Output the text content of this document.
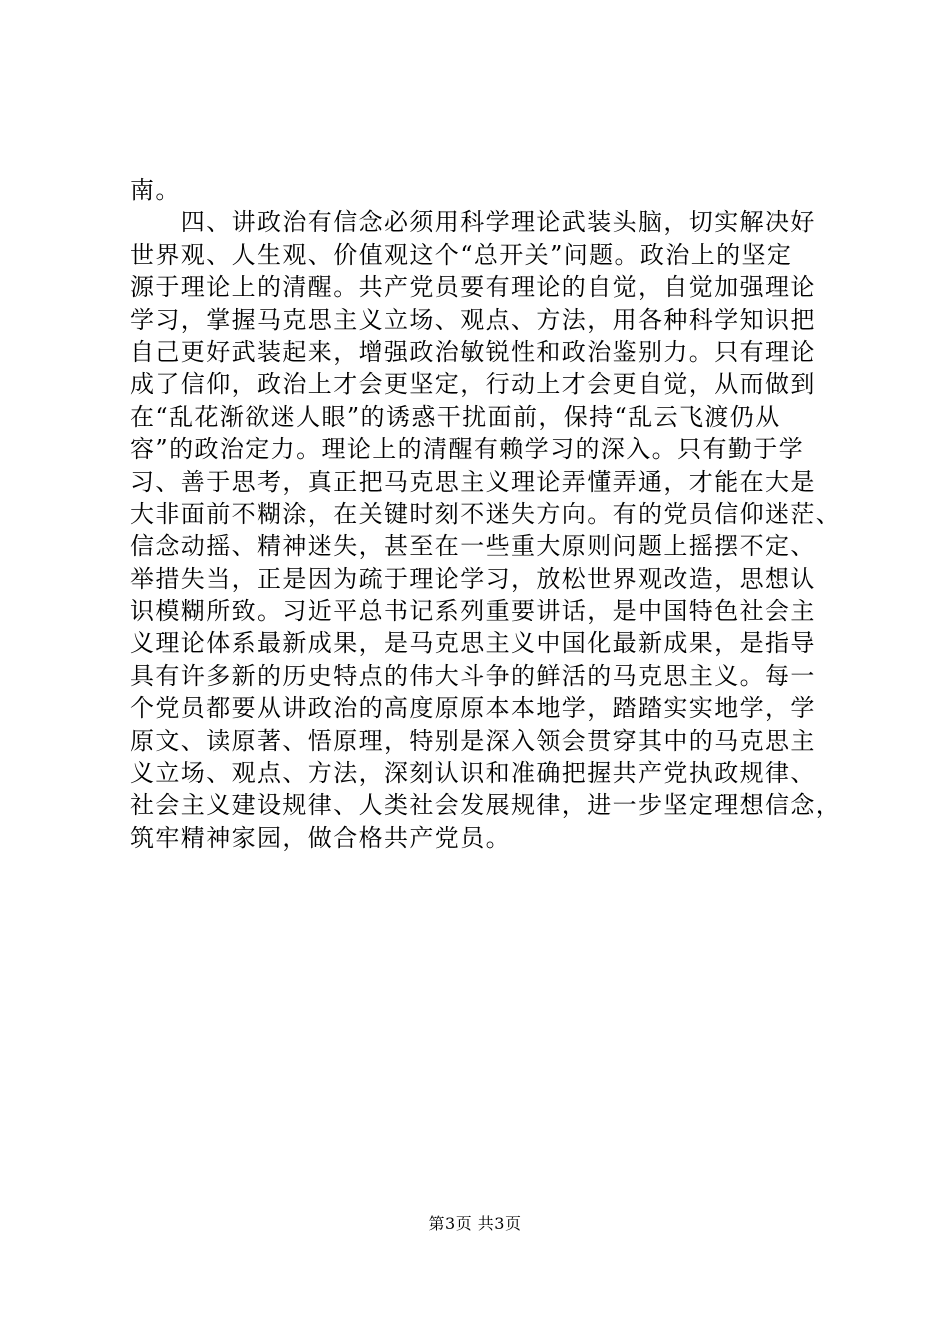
南。
　　四、讲政治有信念必须用科学理论武装头脑，切实解决好
世界观、人生观、价值观这个“总开关”问题。政治上的坚定
源于理论上的清醒。共产党员要有理论的自觉，自觉加强理论
学习，掌握马克思主义立场、观点、方法，用各种科学知识把
自己更好武装起来，增强政治敏锐性和政治鉴别力。只有理论
成了信仰，政治上才会更坚定，行动上才会更自觉，从而做到
在“乱花渐欲迷人眼”的诱惑干扰面前，保持“乱云飞渡仍从
容”的政治定力。理论上的清醒有赖学习的深入。只有勤于学
习、善于思考，真正把马克思主义理论弄懂弄通，才能在大是
大非面前不糊涂，在关键时刻不迷失方向。有的党员信仰迷茫、
信念动摇、精神迷失，甚至在一些重大原则问题上摇摆不定、
举措失当，正是因为疏于理论学习，放松世界观改造，思想认
识模糊所致。习近平总书记系列重要讲话，是中国特色社会主
义理论体系最新成果，是马克思主义中国化最新成果，是指导
具有许多新的历史特点的伟大斗争的鲜活的马克思主义。每一
个党员都要从讲政治的高度原原本本地学，踏踏实实地学，学
原文、读原著、悟原理，特别是深入领会贯穿其中的马克思主
义立场、观点、方法，深刻认识和准确把握共产党执政规律、
社会主义建设规律、人类社会发展规律，进一步坚定理想信念，
筑牢精神家园，做合格共产党员。
第3页 共3页
